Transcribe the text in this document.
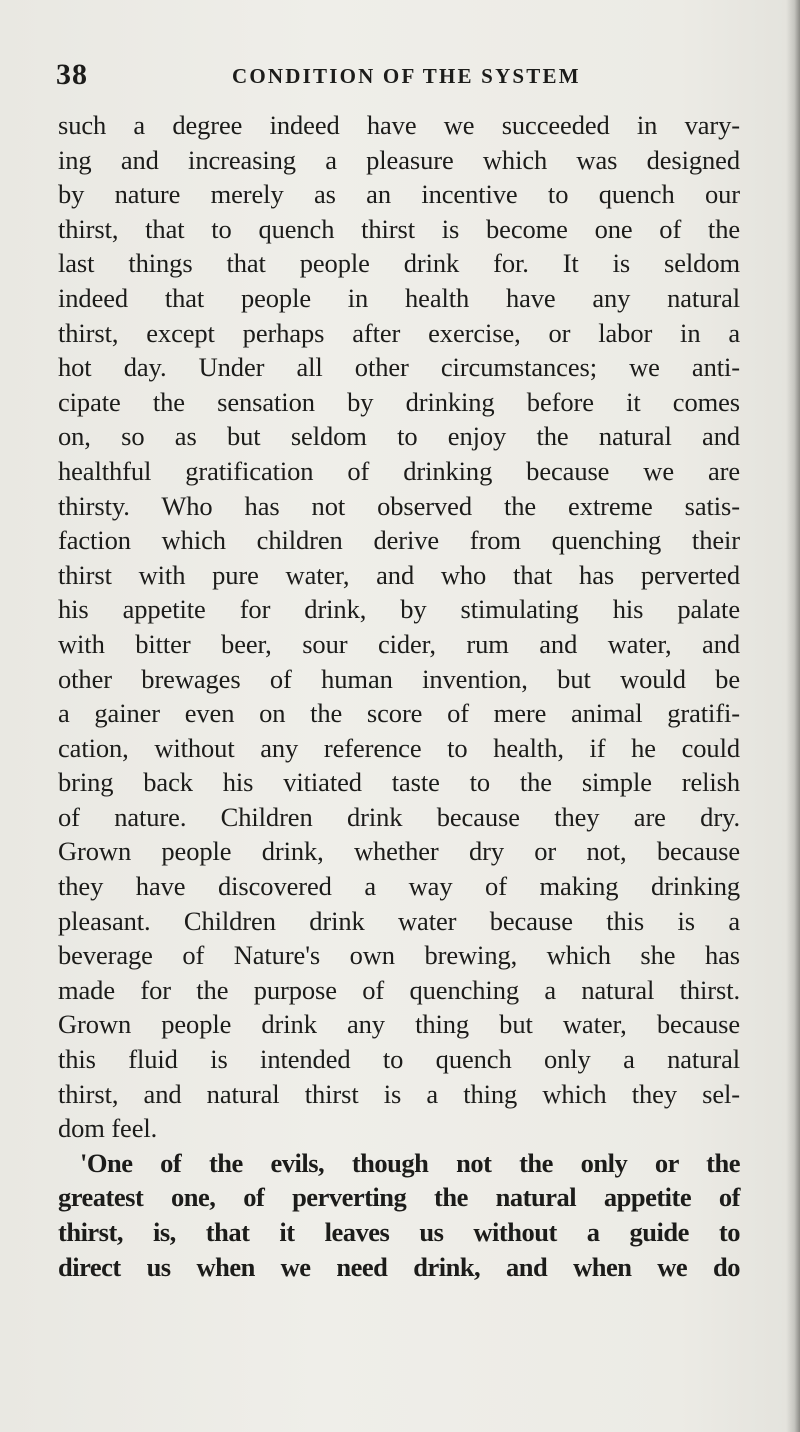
38	CONDITION OF THE SYSTEM
such a degree indeed have we succeeded in vary-
ing and increasing a pleasure which was designed
by nature merely as an incentive to quench our
thirst, that to quench thirst is become one of the
last things that people drink for. It is seldom
indeed that people in health have any natural
thirst, except perhaps after exercise, or labor in a
hot day. Under all other circumstances; we anti-
cipate the sensation by drinking before it comes
on, so as but seldom to enjoy the natural and
healthful gratification of drinking because we are
thirsty. Who has not observed the extreme satis-
faction which children derive from quenching their
thirst with pure water, and who that has perverted
his appetite for drink, by stimulating his palate
with bitter beer, sour cider, rum and water, and
other brewages of human invention, but would be
a gainer even on the score of mere animal gratifi-
cation, without any reference to health, if he could
bring back his vitiated taste to the simple relish
of nature. Children drink because they are dry.
Grown people drink, whether dry or not, because
they have discovered a way of making drinking
pleasant. Children drink water because this is a
beverage of Nature's own brewing, which she has
made for the purpose of quenching a natural thirst.
Grown people drink any thing but water, because
this fluid is intended to quench only a natural
thirst, and natural thirst is a thing which they sel-
dom feel.
'One of the evils, though not the only or the
greatest one, of perverting the natural appetite of
thirst, is, that it leaves us without a guide to
direct us when we need drink, and when we do
